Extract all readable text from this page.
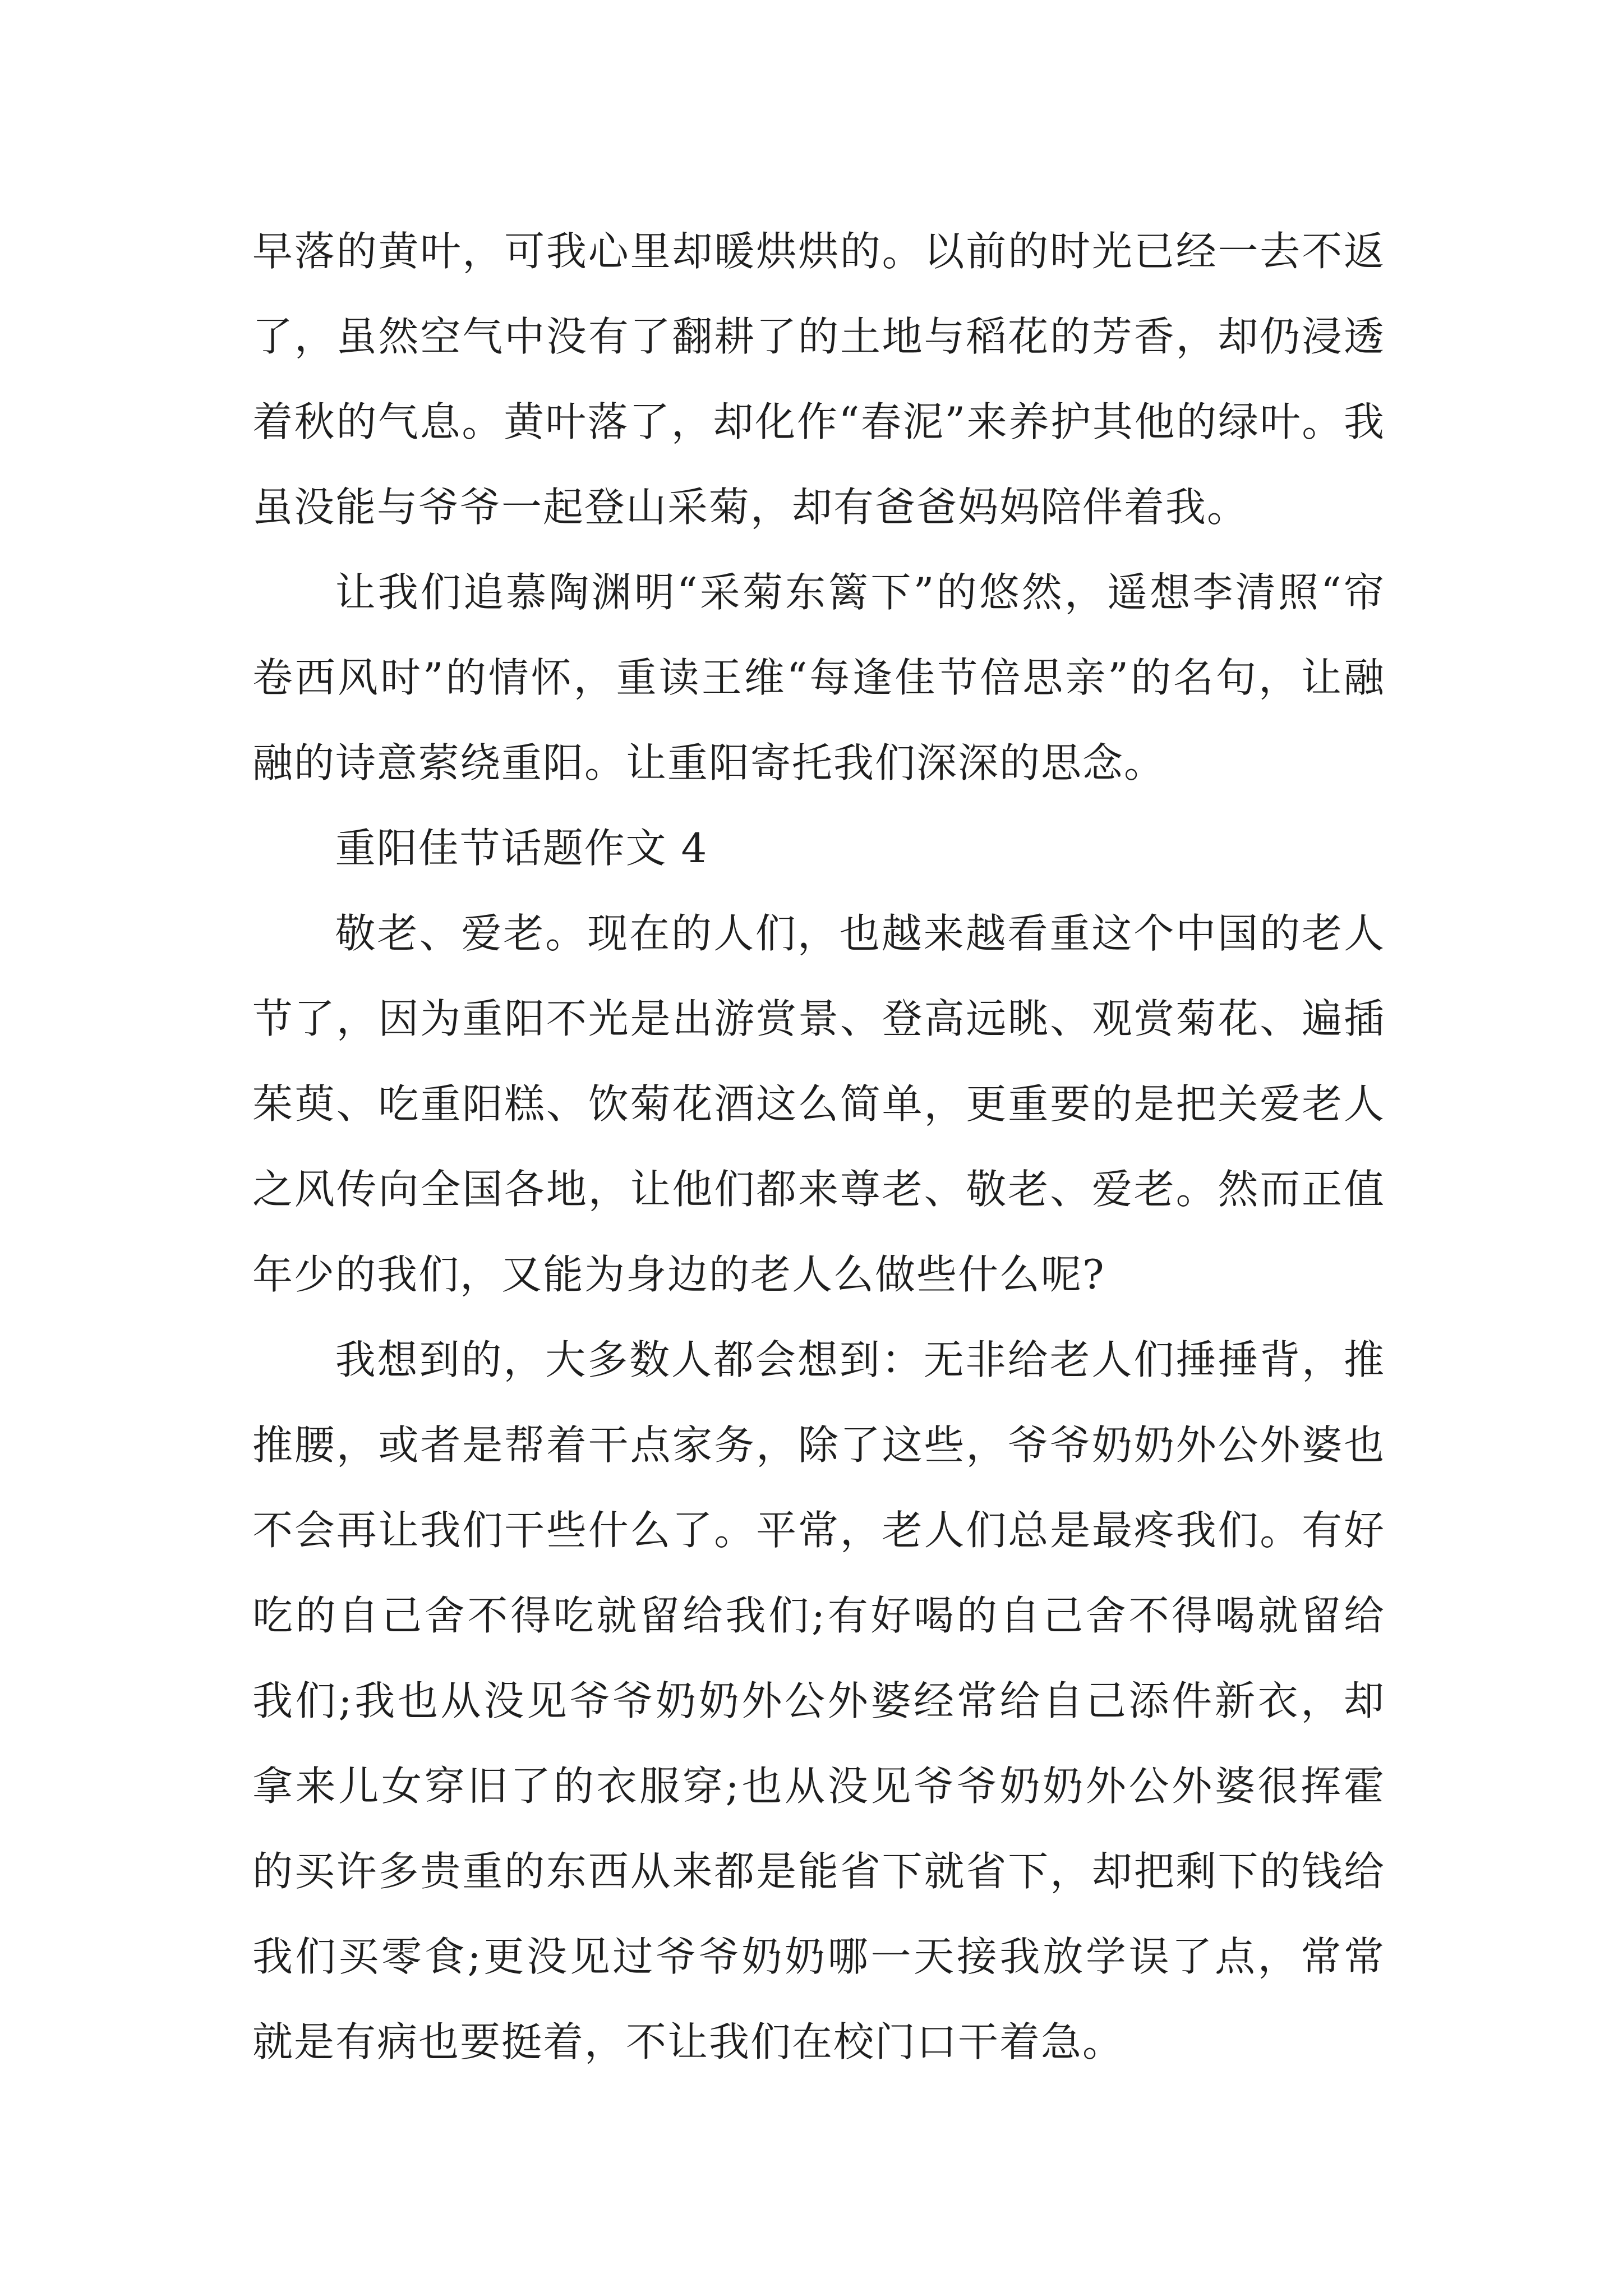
早落的黄叶，可我心里却暖烘烘的。以前的时光已经一去不返了，虽然空气中没有了翻耕了的土地与稻花的芳香，却仍浸透着秋的气息。黄叶落了，却化作“春泥”来养护其他的绿叶。我虽没能与爷爷一起登山采菊，却有爸爸妈妈陪伴着我。

让我们追慕陶渊明“采菊东篱下”的悠然，遥想李清照“帘卷西风时”的情怀，重读王维“每逢佳节倍思亲”的名句，让融融的诗意萦绕重阳。让重阳寄托我们深深的思念。

重阳佳节话题作文 4

敬老、爱老。现在的人们，也越来越看重这个中国的老人节了，因为重阳不光是出游赏景、登高远眺、观赏菊花、遍插茱萸、吃重阳糕、饮菊花酒这么简单，更重要的是把关爱老人之风传向全国各地，让他们都来尊老、敬老、爱老。然而正值年少的我们，又能为身边的老人么做些什么呢?

我想到的，大多数人都会想到：无非给老人们捶捶背，推推腰，或者是帮着干点家务，除了这些，爷爷奶奶外公外婆也不会再让我们干些什么了。平常，老人们总是最疼我们。有好吃的自己舍不得吃就留给我们;有好喝的自己舍不得喝就留给我们;我也从没见爷爷奶奶外公外婆经常给自己添件新衣，却拿来儿女穿旧了的衣服穿;也从没见爷爷奶奶外公外婆很挥霍的买许多贵重的东西从来都是能省下就省下，却把剩下的钱给我们买零食;更没见过爷爷奶奶哪一天接我放学误了点，常常就是有病也要挺着，不让我们在校门口干着急。
